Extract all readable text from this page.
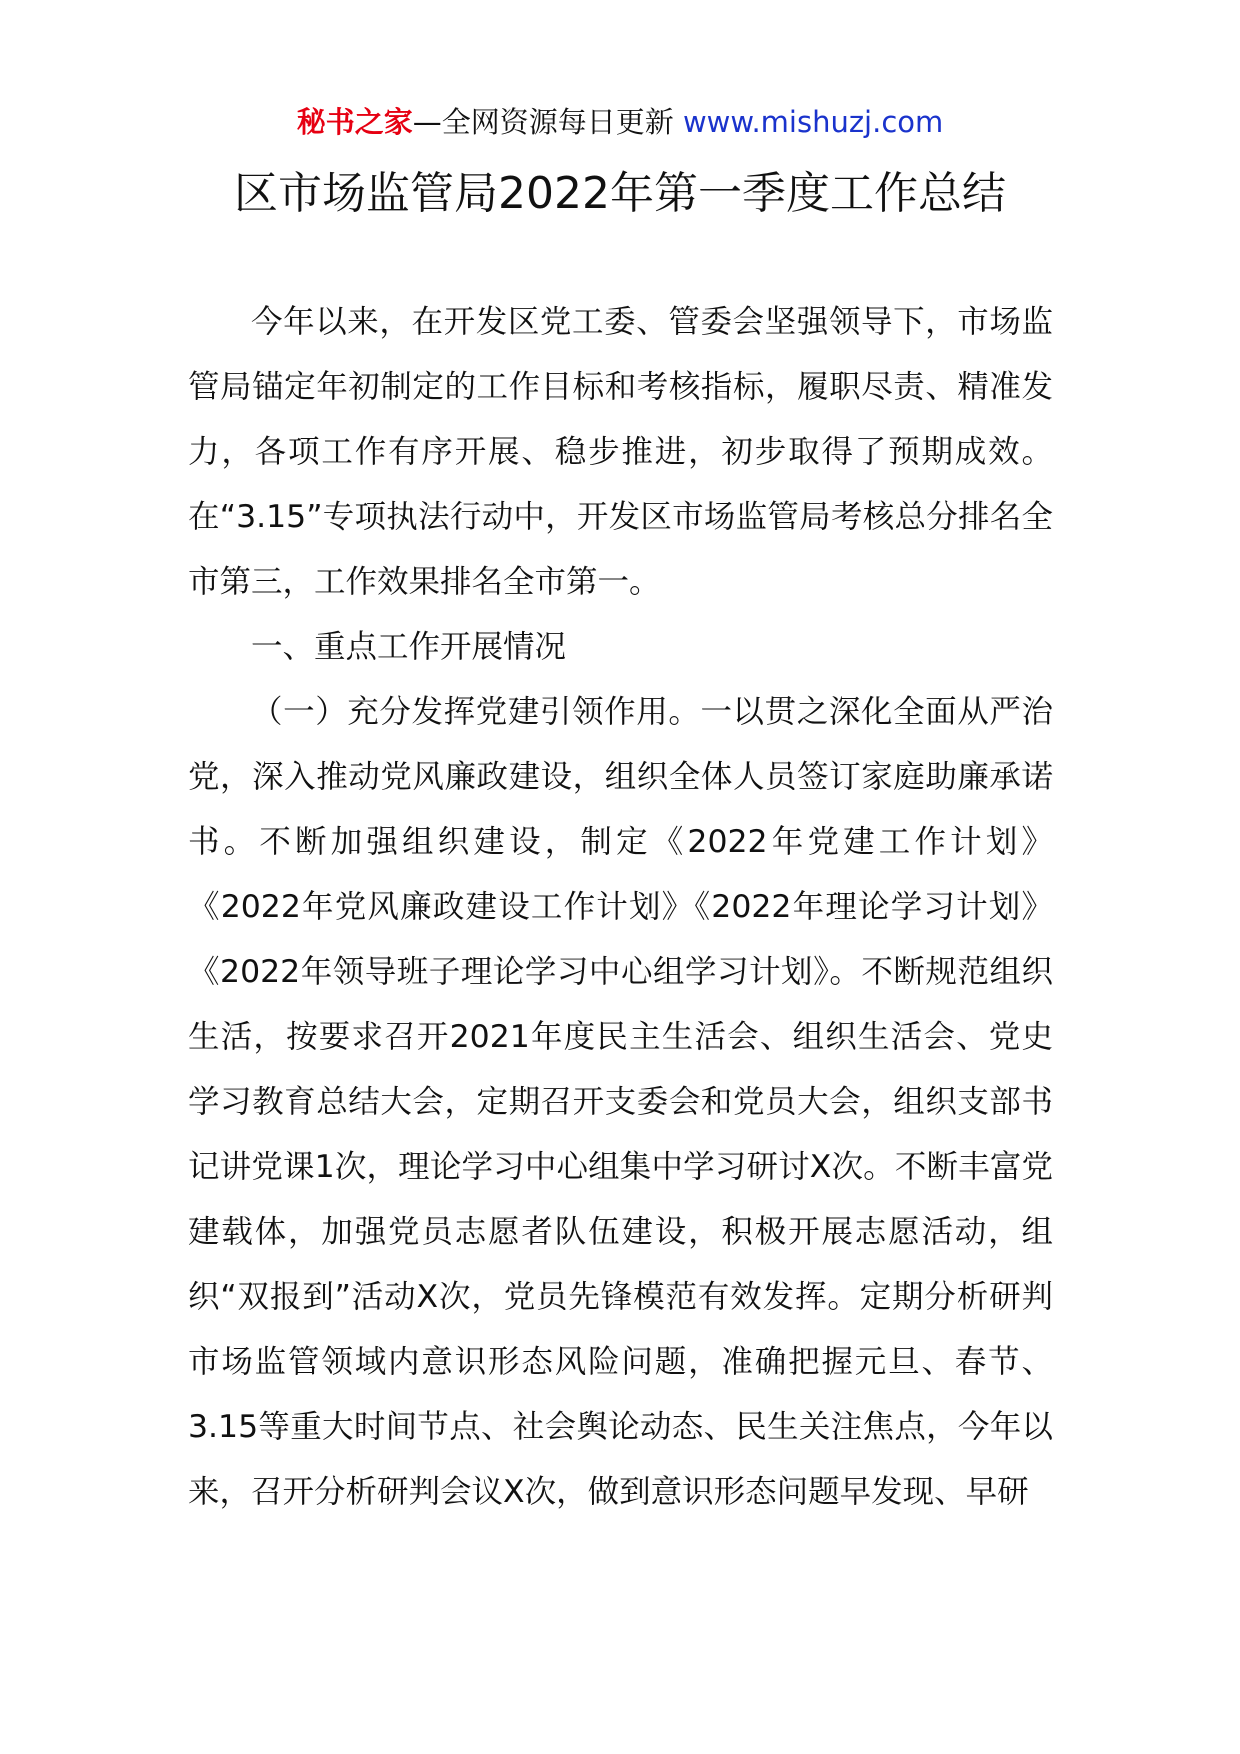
秘书之家—全网资源每日更新 www.mishuzj.com
区市场监管局2022年第一季度工作总结

今年以来，在开发区党工委、管委会坚强领导下，市场监管局锚定年初制定的工作目标和考核指标，履职尽责、精准发力，各项工作有序开展、稳步推进，初步取得了预期成效。在“3.15”专项执法行动中，开发区市场监管局考核总分排名全市第三，工作效果排名全市第一。

一、重点工作开展情况

（一）充分发挥党建引领作用。一以贯之深化全面从严治党，深入推动党风廉政建设，组织全体人员签订家庭助廉承诺书。不断加强组织建设，制定《2022年党建工作计划》《2022年党风廉政建设工作计划》《2022年理论学习计划》《2022年领导班子理论学习中心组学习计划》。不断规范组织生活，按要求召开2021年度民主生活会、组织生活会、党史学习教育总结大会，定期召开支委会和党员大会，组织支部书记讲党课1次，理论学习中心组集中学习研讨X次。不断丰富党建载体，加强党员志愿者队伍建设，积极开展志愿活动，组织“双报到”活动X次，党员先锋模范有效发挥。定期分析研判市场监管领域内意识形态风险问题，准确把握元旦、春节、3.15等重大时间节点、社会舆论动态、民生关注焦点，今年以来，召开分析研判会议X次，做到意识形态问题早发现、早研
